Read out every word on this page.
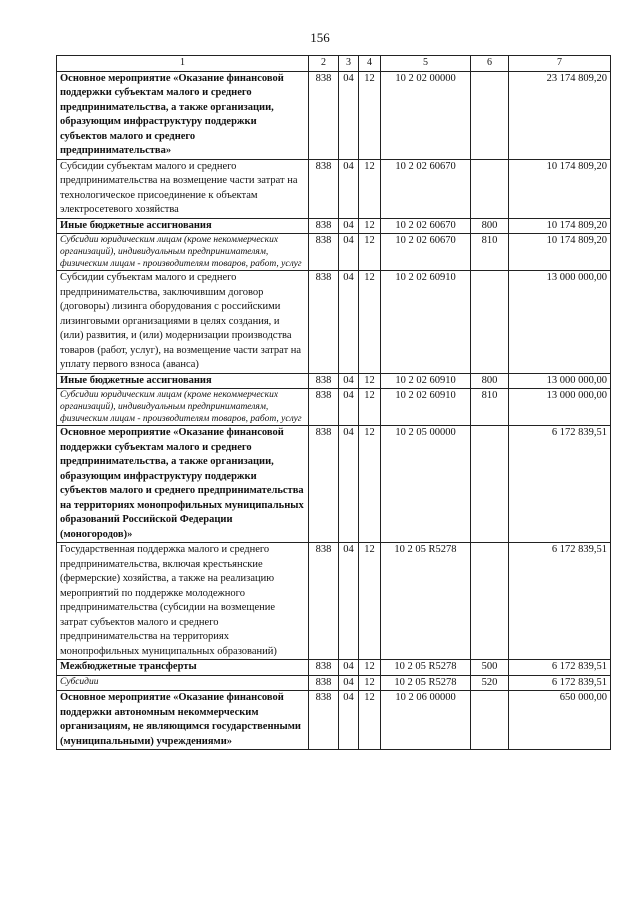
156
1	2	3	4	5	6	7
Основное мероприятие «Оказание финансовой поддержки субъектам малого и среднего предпринимательства, а также организации, образующим инфраструктуру поддержки субъектов малого и среднего предпринимательства»	838	04	12	10 2 02 00000		23 174 809,20
Субсидии субъектам малого и среднего предпринимательства на возмещение части затрат на технологическое присоединение к объектам электросетевого хозяйства	838	04	12	10 2 02 60670		10 174 809,20
Иные бюджетные ассигнования	838	04	12	10 2 02 60670	800	10 174 809,20
Субсидии юридическим лицам (кроме некоммерческих организаций), индивидуальным предпринимателям, физическим лицам - производителям товаров, работ, услуг	838	04	12	10 2 02 60670	810	10 174 809,20
Субсидии субъектам малого и среднего предпринимательства, заключившим договор (договоры) лизинга оборудования с российскими лизинговыми организациями в целях создания, и (или) развития, и (или) модернизации производства товаров (работ, услуг), на возмещение части затрат на уплату первого взноса (аванса)	838	04	12	10 2 02 60910		13 000 000,00
Иные бюджетные ассигнования	838	04	12	10 2 02 60910	800	13 000 000,00
Субсидии юридическим лицам (кроме некоммерческих организаций), индивидуальным предпринимателям, физическим лицам - производителям товаров, работ, услуг	838	04	12	10 2 02 60910	810	13 000 000,00
Основное мероприятие «Оказание финансовой поддержки субъектам малого и среднего предпринимательства, а также организации, образующим инфраструктуру поддержки субъектов малого и среднего предпринимательства на территориях монопрофильных муниципальных образований Российской Федерации (моногородов)»	838	04	12	10 2 05 00000		6 172 839,51
Государственная поддержка малого и среднего предпринимательства, включая крестьянские (фермерские) хозяйства, а также на реализацию мероприятий по поддержке молодежного предпринимательства (субсидии на возмещение затрат субъектов малого и среднего предпринимательства на территориях монопрофильных муниципальных образований)	838	04	12	10 2 05 R5278		6 172 839,51
Межбюджетные трансферты	838	04	12	10 2 05 R5278	500	6 172 839,51
Субсидии	838	04	12	10 2 05 R5278	520	6 172 839,51
Основное мероприятие «Оказание финансовой поддержки автономным некоммерческим организациям, не являющимся государственными (муниципальными) учреждениями»	838	04	12	10 2 06 00000		650 000,00
